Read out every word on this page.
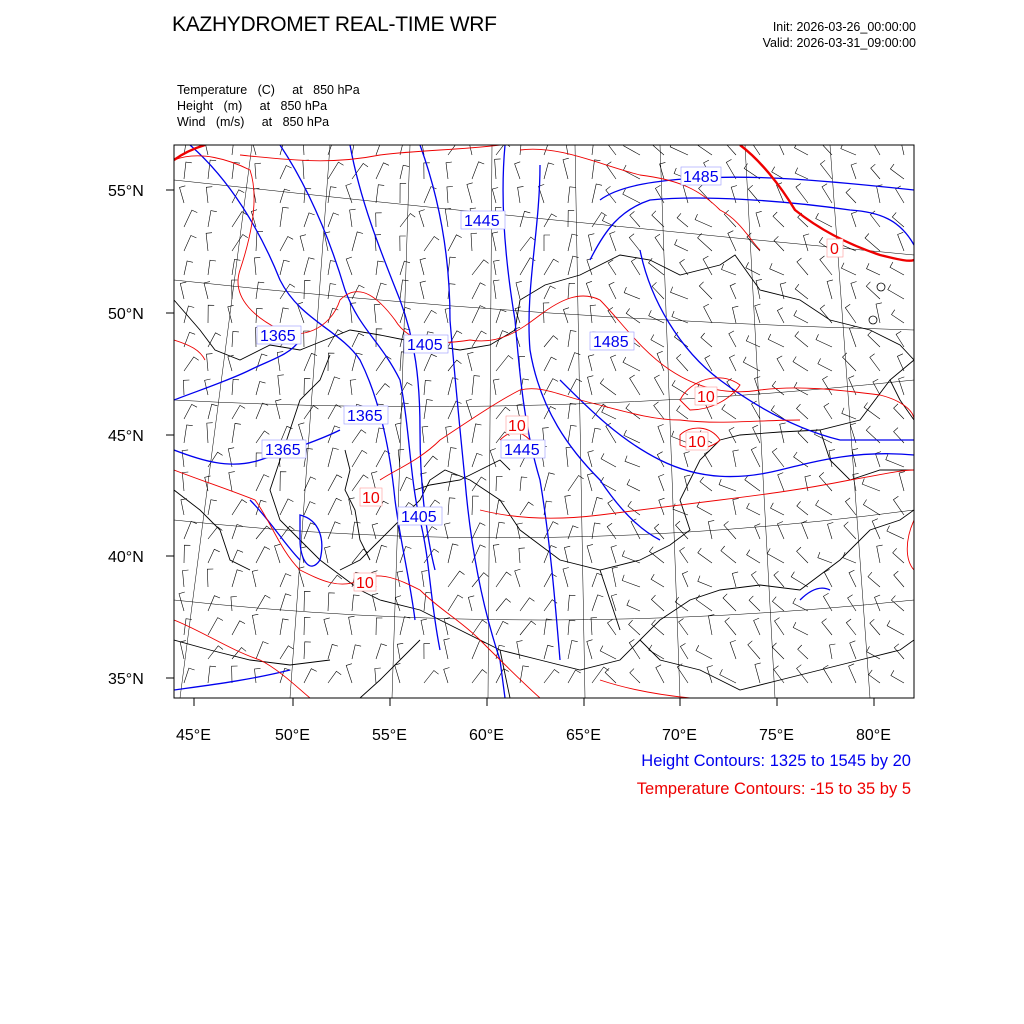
KAZHYDROMET REAL-TIME WRF	Init: 2026-03-26_00:00:00
Valid: 2026-03-31_09:00:00
Temperature   (C)     at   850 hPa
Height   (m)     at   850 hPa
Wind   (m/s)     at   850 hPa
1485
1445
1365
1405	1485
1365
1445
1365
1405
0
10
10
10
10
10
55°N
50°N
45°N
40°N
35°N
45°E	50°E	55°E	60°E	65°E	70°E	75°E	80°E
Height Contours: 1325 to 1545 by 20
Temperature Contours: -15 to 35 by 5
